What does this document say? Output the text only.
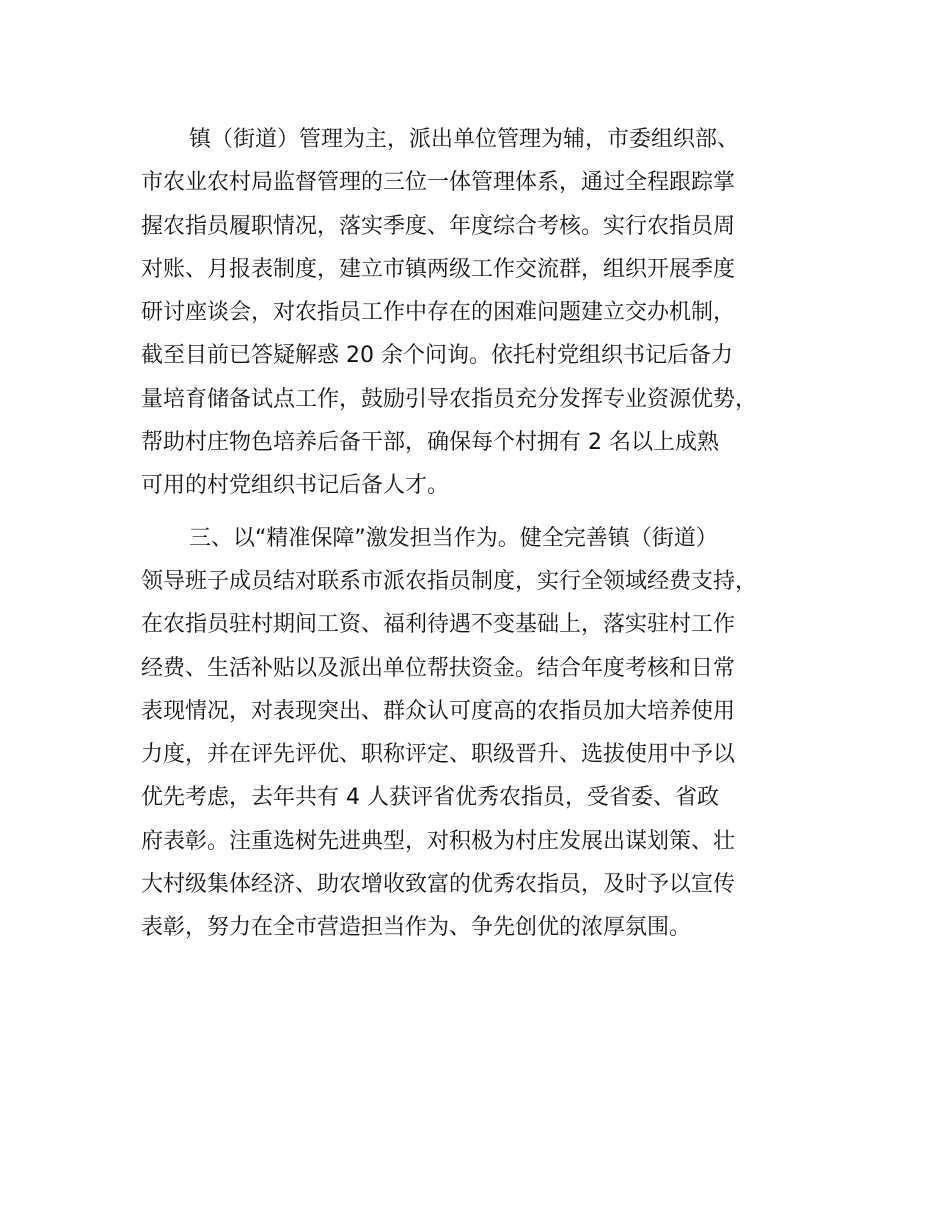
镇（街道）管理为主，派出单位管理为辅，市委组织部、
市农业农村局监督管理的三位一体管理体系，通过全程跟踪掌
握农指员履职情况，落实季度、年度综合考核。实行农指员周
对账、月报表制度，建立市镇两级工作交流群，组织开展季度
研讨座谈会，对农指员工作中存在的困难问题建立交办机制，
截至目前已答疑解惑 20 余个问询。依托村党组织书记后备力
量培育储备试点工作，鼓励引导农指员充分发挥专业资源优势，
帮助村庄物色培养后备干部，确保每个村拥有 2 名以上成熟
可用的村党组织书记后备人才。
三、以“精准保障”激发担当作为。健全完善镇（街道）
领导班子成员结对联系市派农指员制度，实行全领域经费支持，
在农指员驻村期间工资、福利待遇不变基础上，落实驻村工作
经费、生活补贴以及派出单位帮扶资金。结合年度考核和日常
表现情况，对表现突出、群众认可度高的农指员加大培养使用
力度，并在评先评优、职称评定、职级晋升、选拔使用中予以
优先考虑，去年共有 4 人获评省优秀农指员，受省委、省政
府表彰。注重选树先进典型，对积极为村庄发展出谋划策、壮
大村级集体经济、助农增收致富的优秀农指员，及时予以宣传
表彰，努力在全市营造担当作为、争先创优的浓厚氛围。
